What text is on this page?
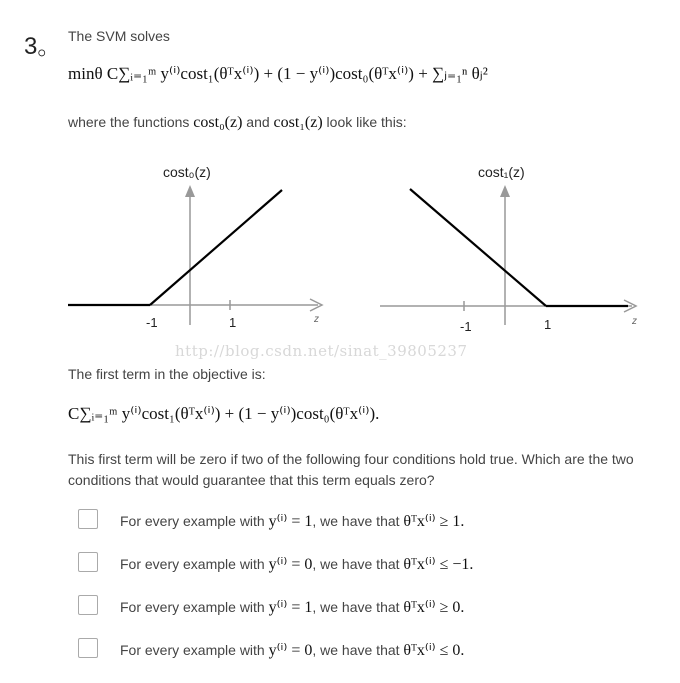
3。 The SVM solves
minθ C∑ᵢ₌₁ᵐ y⁽ⁱ⁾cost₁(θᵀx⁽ⁱ⁾) + (1 − y⁽ⁱ⁾)cost₀(θᵀx⁽ⁱ⁾) + ∑ⱼ₌₁ⁿ θⱼ²
where the functions cost₀(z) and cost₁(z) look like this:
cost₀(z)
-1	1	z
cost₁(z)
-1	1	z
http://blog.csdn.net/sinat_39805237
The first term in the objective is:
C∑ᵢ₌₁ᵐ y⁽ⁱ⁾cost₁(θᵀx⁽ⁱ⁾) + (1 − y⁽ⁱ⁾)cost₀(θᵀx⁽ⁱ⁾).
This first term will be zero if two of the following four conditions hold true. Which are the two conditions that would guarantee that this term equals zero?
For every example with y⁽ⁱ⁾ = 1, we have that θᵀx⁽ⁱ⁾ ≥ 1.
For every example with y⁽ⁱ⁾ = 0, we have that θᵀx⁽ⁱ⁾ ≤ −1.
For every example with y⁽ⁱ⁾ = 1, we have that θᵀx⁽ⁱ⁾ ≥ 0.
For every example with y⁽ⁱ⁾ = 0, we have that θᵀx⁽ⁱ⁾ ≤ 0.
